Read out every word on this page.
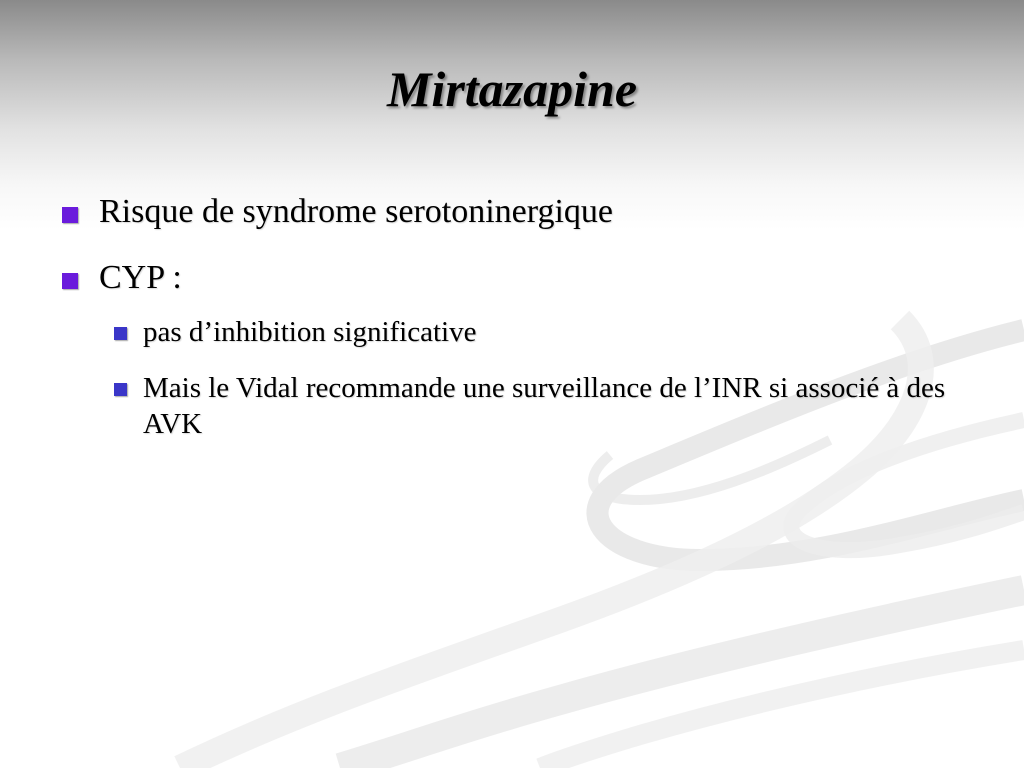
Mirtazapine
Risque de syndrome serotoninergique
CYP :
pas d’inhibition significative
Mais le Vidal recommande une surveillance de l’INR si associé à des AVK
